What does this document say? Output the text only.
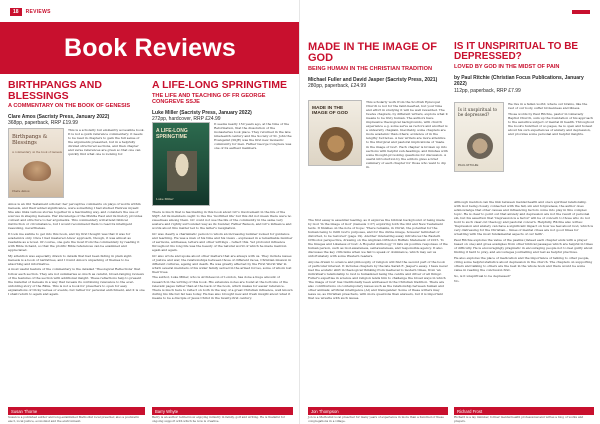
18	REVIEWS
Book Reviews
BIRTHPANGS AND BLESSINGS
A COMMENTARY ON THE BOOK OF GENESIS
Clare Amos (Sacristy Press, January 2022)
368pp, paperback, RRP £19.99
Birthpangs & Blessings
A commentary on the book of Genesis
Clare Amos

This is a scholarly but eminently accessible book. It is not a quick reference commentary; it needs to be read in chapters to gain the full sense of the arguments presented, but in a helpfully divided structured sections, and then chapter and verse references are given so that one can quickly find what one is looking for.

Amos is an Old Testament scholar; her perceptive comments on plays of words within Genesis, and their added significance, were something I had studied Hebrew myself. She also links various stories together in a fascinating way, and considers the use of sources in shaping Genesis. Her knowledge of the Middle East and its history provides context and structure to her arguments. This commentary will attend biblical instruction or circumstance, but I would recommend them to read its intelligent reasoning, nevertheless.

It took me awhile to get into this book, and my first thought was that it was for academics only. Once I had mastered Amos' approach, though, it was almost as readable as a novel. Of course, one gets the most from the commentary by reading it with Bible in hand, so that the prolific Bible references can be examined and appreciated.

My attention was especially drawn to details that had been hiding in plain sight. Genesis is a book of narratives, and I found Amos's unpacking of themes to be absorbing and informative.

A most useful feature of the commentary is the detailed 'Theological Reflections' that follow each section. They are not summaries so much as careful, broad-ranging reviews of the features of the section with additional insight. These reflections help to present the material of Genesis in a way that reveals its continuing relevance to the ever-unfolding story of the Bible. This is not a book for preachers to open for easy explanations of tricky verses or events, but rather for personal enrichment, and it is one I shall return to again and again.

Susan Thorne
Susan is a published author and long-established Methodist local preacher, also a postwarm elect, local justice, economist and the environment.
A LIFE-LONG SPRINGTIME
THE LIFE AND TEACHING OF FR GEORGE CONGREVE SSJE
Luke Miller (Sacristy Press, January 2022)
272pp, hardcover, RRP £24.99
A LIFE-LONG SPRINGTIME
Luke Miller

It seems nearly 150 years ago, at the time of the Reformation, that the dissolution of the monasteries took place. They returned in the late nineteenth century and the Society of St. John the Evangelist (SSJE) was the first new monastic community for men. Father George Congreve was one of its earliest members.

There is much that is fascinating in this book about GC's involvement in the life of the SSJE. All its members ought to live the 'mortified life' but this did not mean there were no sweetness among them. GC could not use the life of the community in the same very austere and rightly surrounded way as its founder, Father Benson, and GC's influence and words about this matter led to the latter's resignation.

GC was clearly a charismatic person to whom an increasing number looked for guidance and teaching. He was a man of his time and his views – expressed in a remarkable number of sermons, addresses, letters and other writings – reflect this. Yet profound influence throughout his long life was the beauty of the natural world of which he made mention again and again.

GC also wrote and spoke about other matters that are always with us. They include issues of justice and war, the relationships between those of different races, Christian mission in different cultures, ageing and death. He was greatly affected by the First World War in which several members of his wider family served in the armed forces, some of whom lost their lives.

The author, Luke Miller, who is Archdeacon of London, has done a huge amount of research in the writing of this book. His extensive notes are found at the bottoms of the relevant pages rather than at the back of the book, which makes for easier reference. There is much here to reflect on both in the way of a great Christian influence, well known during his life but far less today. He has also brought new and fresh insight about what it means to be a disciple of Jesus Christ in the twenty-first century.

Barry Whyte
Barry is an author retired now enjoying ministry in family, golf and writing. He is thankful for ongoing support with which he now is creative.
MADE IN THE IMAGE OF GOD
BEING HUMAN IN THE CHRISTIAN TRADITION
Michael Fuller and David Jasper (Sacristy Press, 2021)
280pp, paperback, £24.99
MADE IN THE IMAGE OF GOD

This scholarly work from the Scottish Episcopal Church is not for the faint-hearted, but your time and effort in studying it will be well rewarded. The twelve chapters, by different writers, explore what it means to be truly human. The authors have impressive theological backgrounds, with church experience e.g. some serve as rectors and another is a university chaplain. Inevitably, some chapters are more academic than others; evidence of in the lengthy footnotes. A few writers are more attentive to the liturgical and pastoral implications of 'made in the image of God'. Each chapter is broken up into sections with helpful sub-headings, and finishes with some thought-provoking questions for discussion. A useful introduction by the editors gives a brief summary of each chapter for those who want to dip in.

The first essay is essential reading, as it explores the biblical background of being made by God 'in the image of God' (Genesis 1:27) exploring both the Old and New Testament texts. It finishes on the note of hope: 'There remains, in Christ, the potential for the human being to fulfil God's purposes, and for the divine image, however tarnished or distorted, to be restored' (page 19). Another interesting essay introduces the Eastern Orthodox perspective, drawing on the Anglican-Orthodox Buffalo Statement of 2015. To the Images and Likeness of God: A Hopeful Anthology' It lists six positive responses of the human person, such as God-awareness, self-awareness, and responsible agency. It also discusses the key criticisms when we fail to speak or dominance, which may set us unfortunately with some Western readers.

Anyone drawn to science and philosophy of religion will find the second part of the book of particular interest. It includes chapters by the late Sarah E. Jasper's essay. I have never met the ecstatic shift in theological thinking from medieval to modern times, from 'an individual's relationship to God is humanized being the centre and driver of all things'. Fuller's expertise in science and religion lends him to challenge the broad ways in which 'the image of God' has traditionally been addressed in the Christian tradition. There are also contributions on contemporary issues such as the relationship between human and other animals; artificial intelligence (AI) and transgender. Some of these writers may leave us, as Christian preachers, with more questions than answers, but it is important that we wrestle with such issues.

Jon Thompson
Jon is a Methodist local preacher for many years of experience in more than a hundred of these congregations in a village.
IS IT UNSPIRITUAL TO BE DEPRESSED?
LOVED BY GOD IN THE MIDST OF PAIN
by Paul Ritchie (Christian Focus Publications, January 2022)
112pp, paperback, RRP £7.99
Is it unspiritual to be depressed?
PAUL RITCHIE

We live in a fallen world; where our brains, like the rest of our body, suffer brokenness and illness.

Those words by Paul Ritchie, pastor in Limavady Baptist Church, sum up the foundation of his approach to the sensitive subject of mental ill health. Throughout the book's hundred or so pages, he is open and honest about his own experiences of anxiety and depression, and provides some personal and helpful insights.

Although mention can the link between mental health and one's spiritual relationship with God being closely connected with the fall, sin and forgiveness, the author does acknowledge that other causes and influencing factors come into play in this complex topic. He is clear to point out that anxiety and depression are not the result of personal sin, but his assertion that 'Depression is a factor' will be of concern to those who do not hold to such clear-cut theology and pastoral concern. Helpfully, Ritchie also writes: 'Depression and anxiety can have a significant impact on how we feel about God, which is very distressing for the Christian... times of mental crises are not good times for wrestling with the most fundamental aspects of our faith'.

Paul Ritchie explores the value of the psalms (indeed each chapter ends with a prayer based on one) and gives examples from other biblical passages which are helpful in times of difficulty. He is encouragingly pragmatic in encouraging people not to feel guilty about finding it hard to pray, and encourages journalling and rest as helpful practices.

He also explores the place of medication and the importance of talking to other people, citing some helpful statistics about depression in the church. The chapters on supporting others and talking to others are the best in the whole book and there would be some value in reading the conclusion first.

So, is it unspiritual to be depressed?

No.

Richard Frost
Richard is a lay minister, former mental health professional and writes a blog of works and prayers.
